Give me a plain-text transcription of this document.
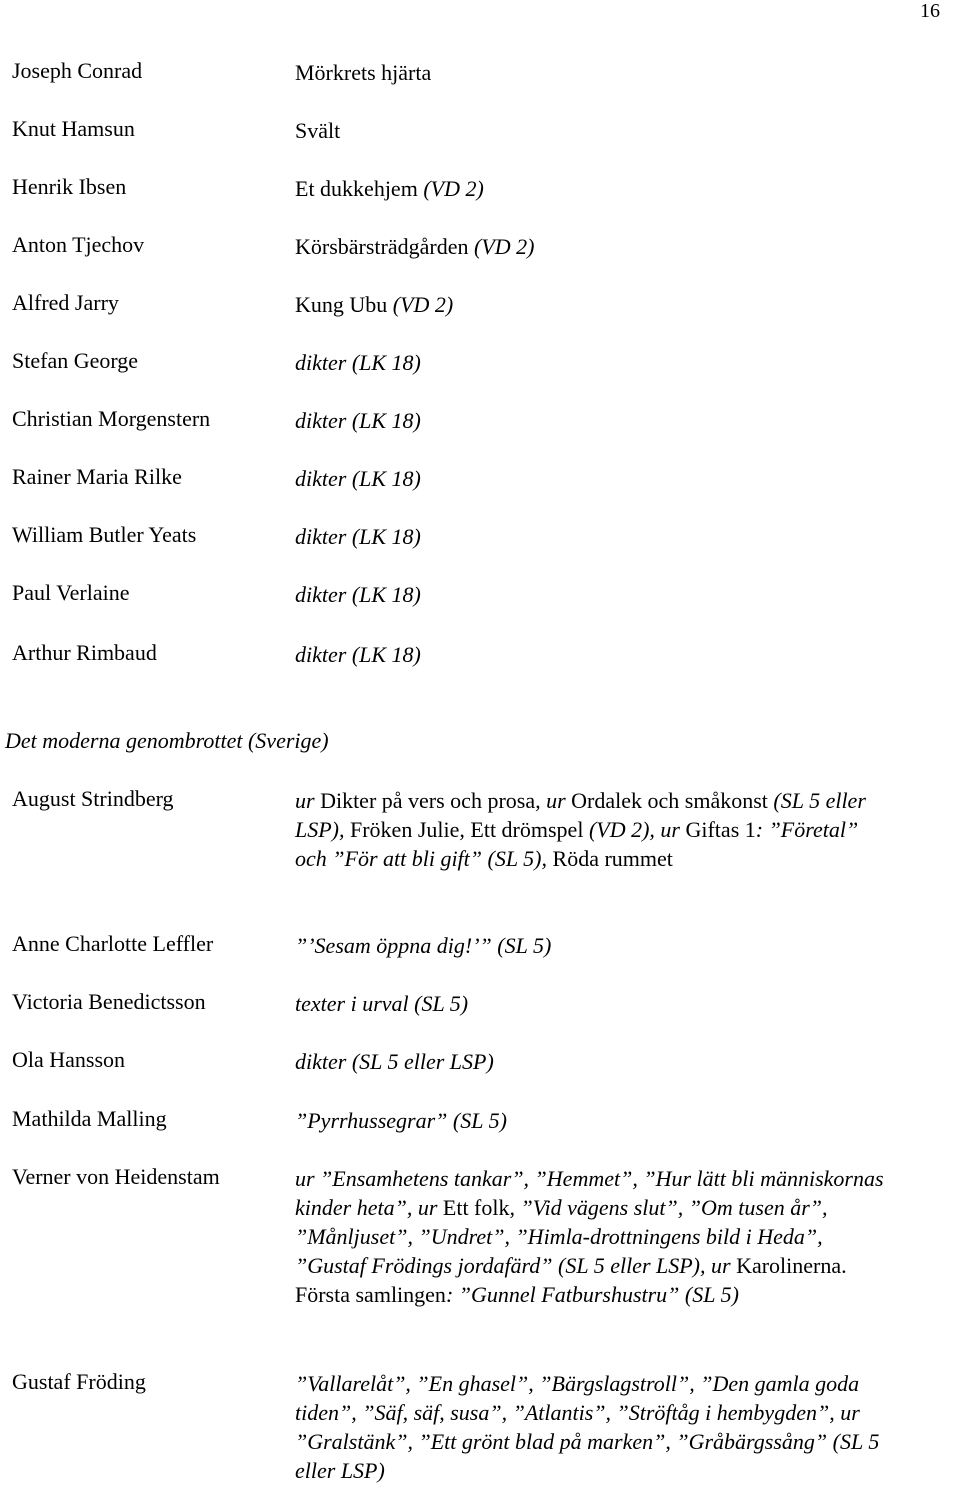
16
Joseph Conrad	Mörkrets hjärta
Knut Hamsun	Svält
Henrik Ibsen	Et dukkehjem (VD 2)
Anton Tjechov	Körsbärsträdgården (VD 2)
Alfred Jarry	Kung Ubu (VD 2)
Stefan George	dikter (LK 18)
Christian Morgenstern	dikter (LK 18)
Rainer Maria Rilke	dikter (LK 18)
William Butler Yeats	dikter (LK 18)
Paul Verlaine	dikter (LK 18)
Arthur Rimbaud	dikter (LK 18)
Det moderna genombrottet (Sverige)
August Strindberg	ur Dikter på vers och prosa, ur Ordalek och småkonst (SL 5 eller LSP), Fröken Julie, Ett drömspel (VD 2), ur Giftas 1: ”Företal” och ”För att bli gift” (SL 5), Röda rummet
Anne Charlotte Leffler	”’Sesam öppna dig!’” (SL 5)
Victoria Benedictsson	texter i urval (SL 5)
Ola Hansson	dikter (SL 5 eller LSP)
Mathilda Malling	”Pyrrhussegrar” (SL 5)
Verner von Heidenstam	ur ”Ensamhetens tankar”, ”Hemmet”, ”Hur lätt bli människornas kinder heta”, ur Ett folk, ”Vid vägens slut”, ”Om tusen år”, ”Månljuset”, ”Undret”, ”Himla-drottningens bild i Heda”, ”Gustaf Frödings jordafärd” (SL 5 eller LSP), ur Karolinerna. Första samlingen: ”Gunnel Fatburshustru” (SL 5)
Gustaf Fröding	”Vallarelåt”, ”En ghasel”, ”Bärgslagstroll”, ”Den gamla goda tiden”, ”Säf, säf, susa”, ”Atlantis”, ”Ströftåg i hembygden”, ur ”Gralstänk”, ”Ett grönt blad på marken”, ”Gråbärgssång” (SL 5 eller LSP)
